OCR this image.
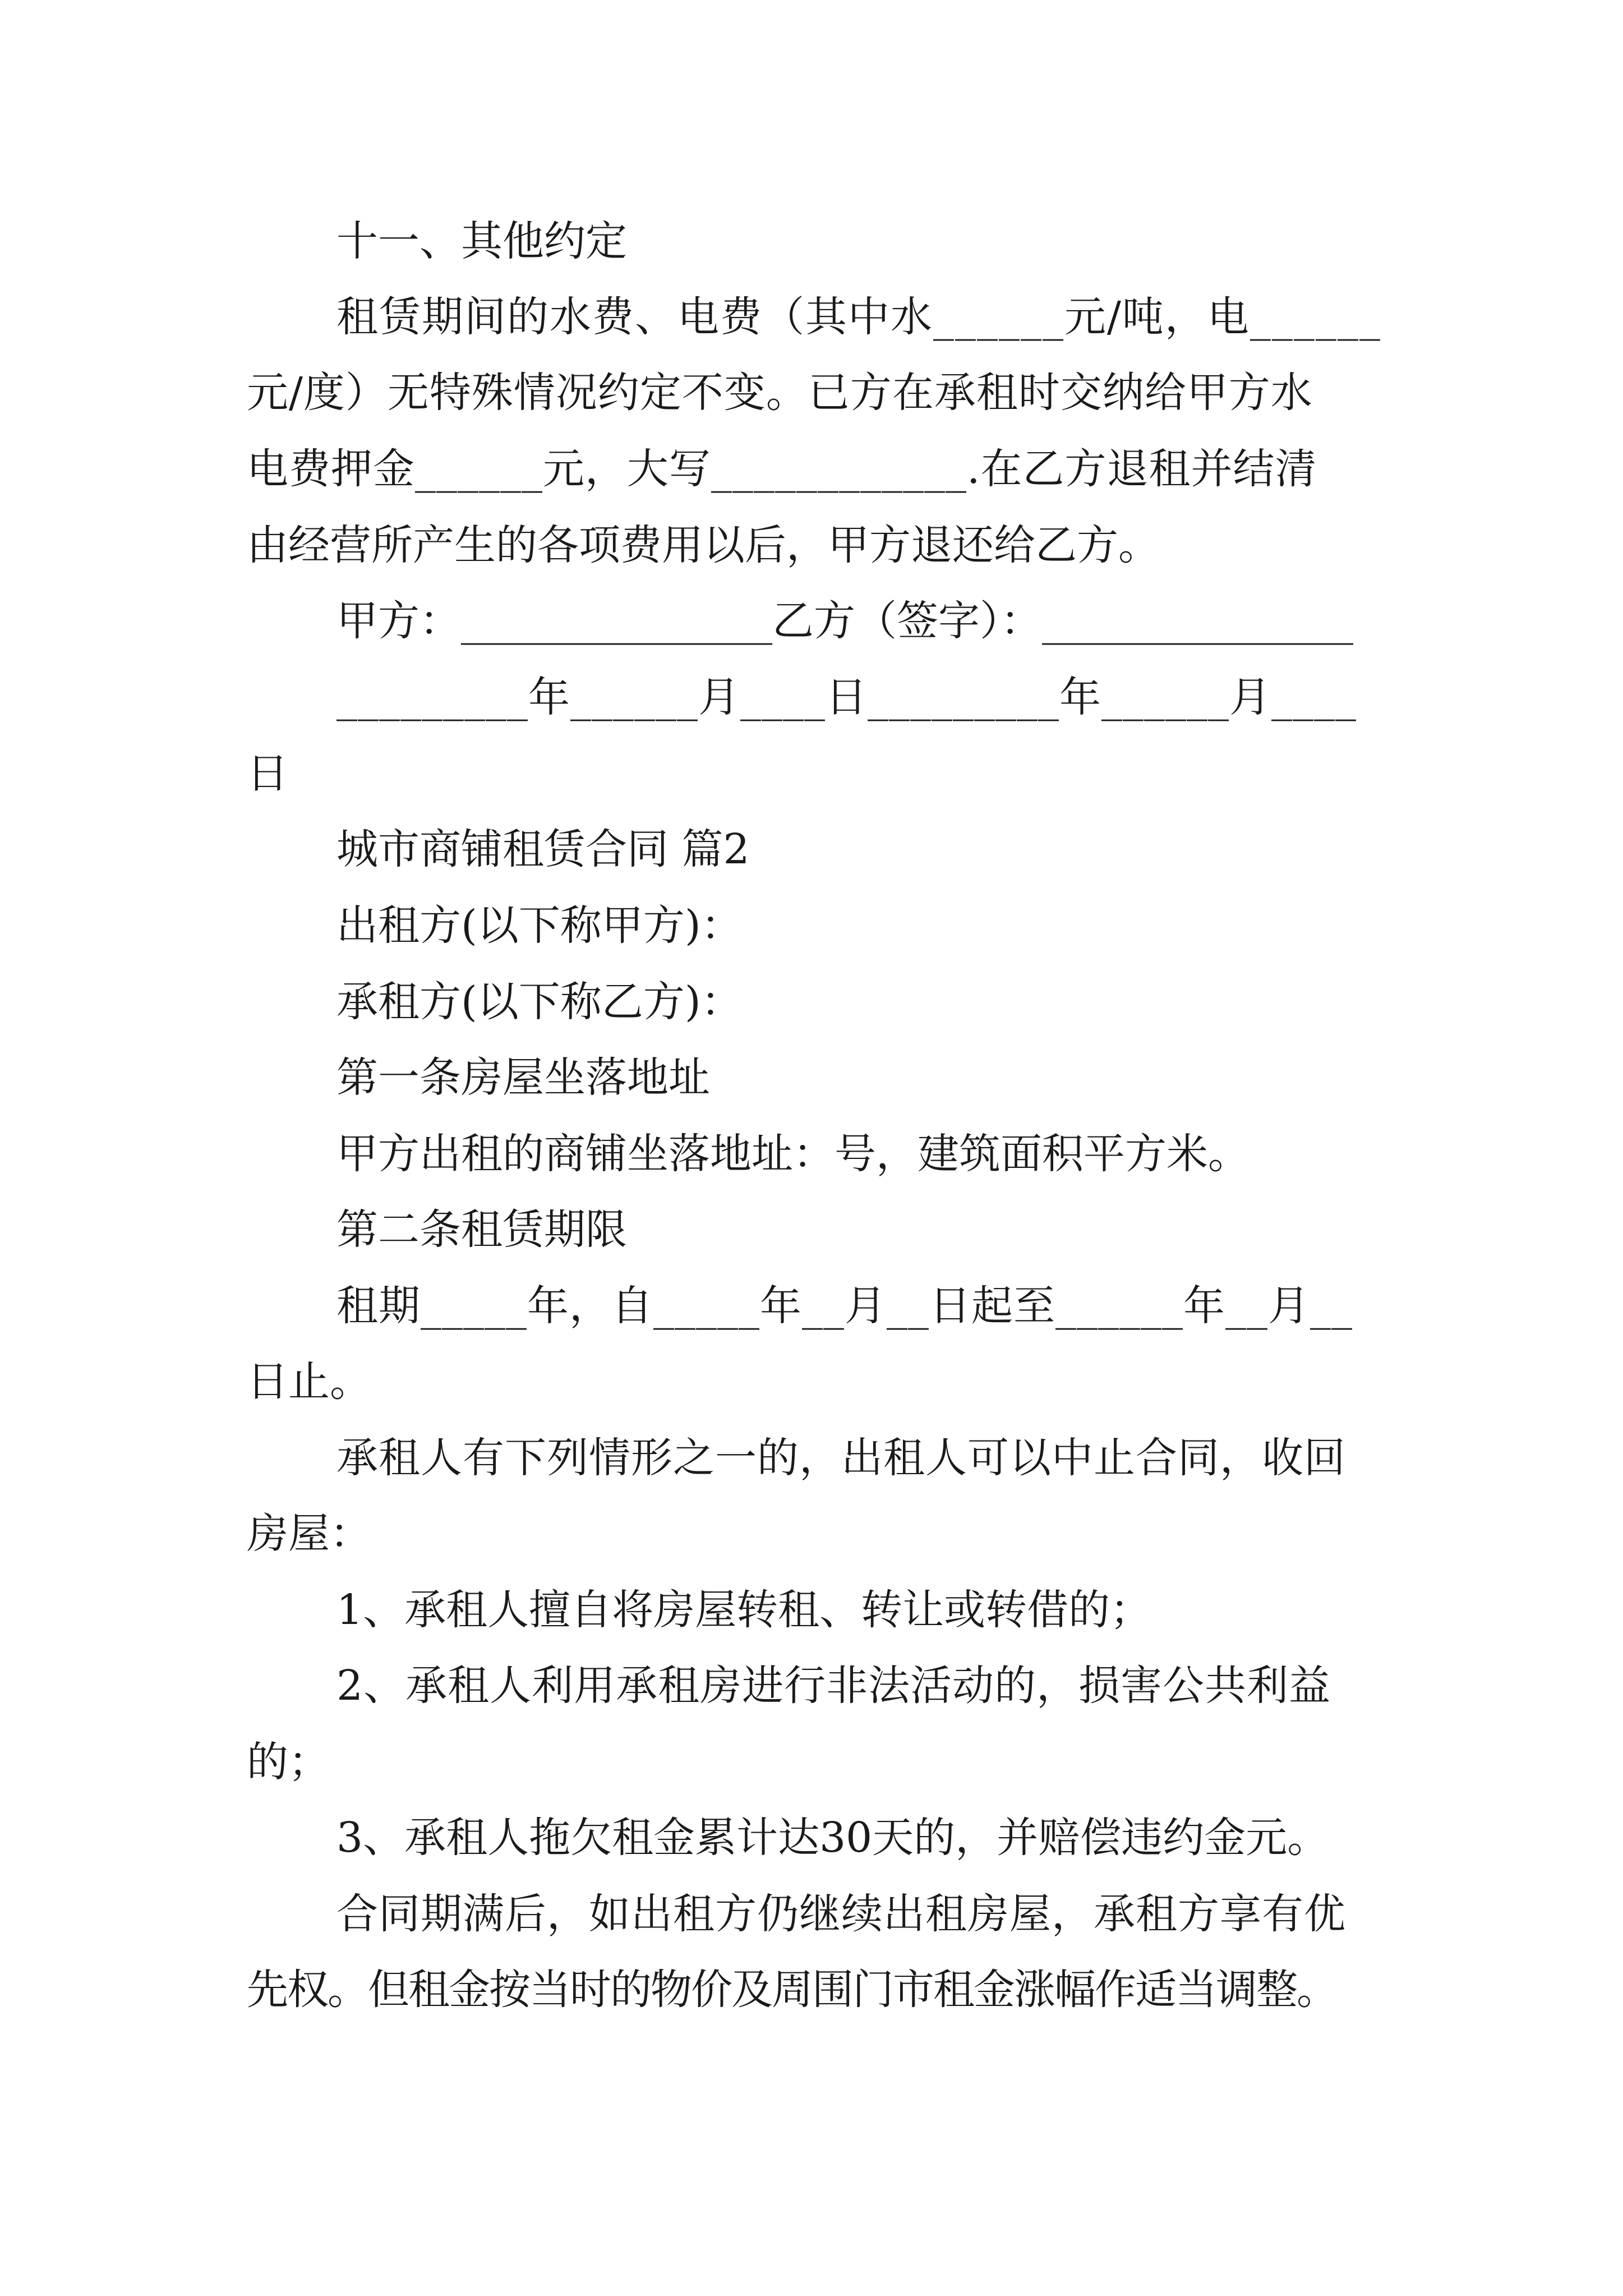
十一、其他约定
租赁期间的水费、电费（其中水______元/吨，电______
元/度）无特殊情况约定不变。已方在承租时交纳给甲方水
电费押金______元，大写____________.在乙方退租并结清
由经营所产生的各项费用以后，甲方退还给乙方。
甲方：_______________乙方（签字）：_______________
_________年______月____日_________年______月____
日
城市商铺租赁合同 篇2
出租方(以下称甲方)：
承租方(以下称乙方)：
第一条房屋坐落地址
甲方出租的商铺坐落地址：号，建筑面积平方米。
第二条租赁期限
租期_____年，自_____年__月__日起至______年__月__
日止。
承租人有下列情形之一的，出租人可以中止合同，收回
房屋：
1、承租人擅自将房屋转租、转让或转借的；
2、承租人利用承租房进行非法活动的，损害公共利益
的；
3、承租人拖欠租金累计达30天的，并赔偿违约金元。
合同期满后，如出租方仍继续出租房屋，承租方享有优
先权。但租金按当时的物价及周围门市租金涨幅作适当调整。
